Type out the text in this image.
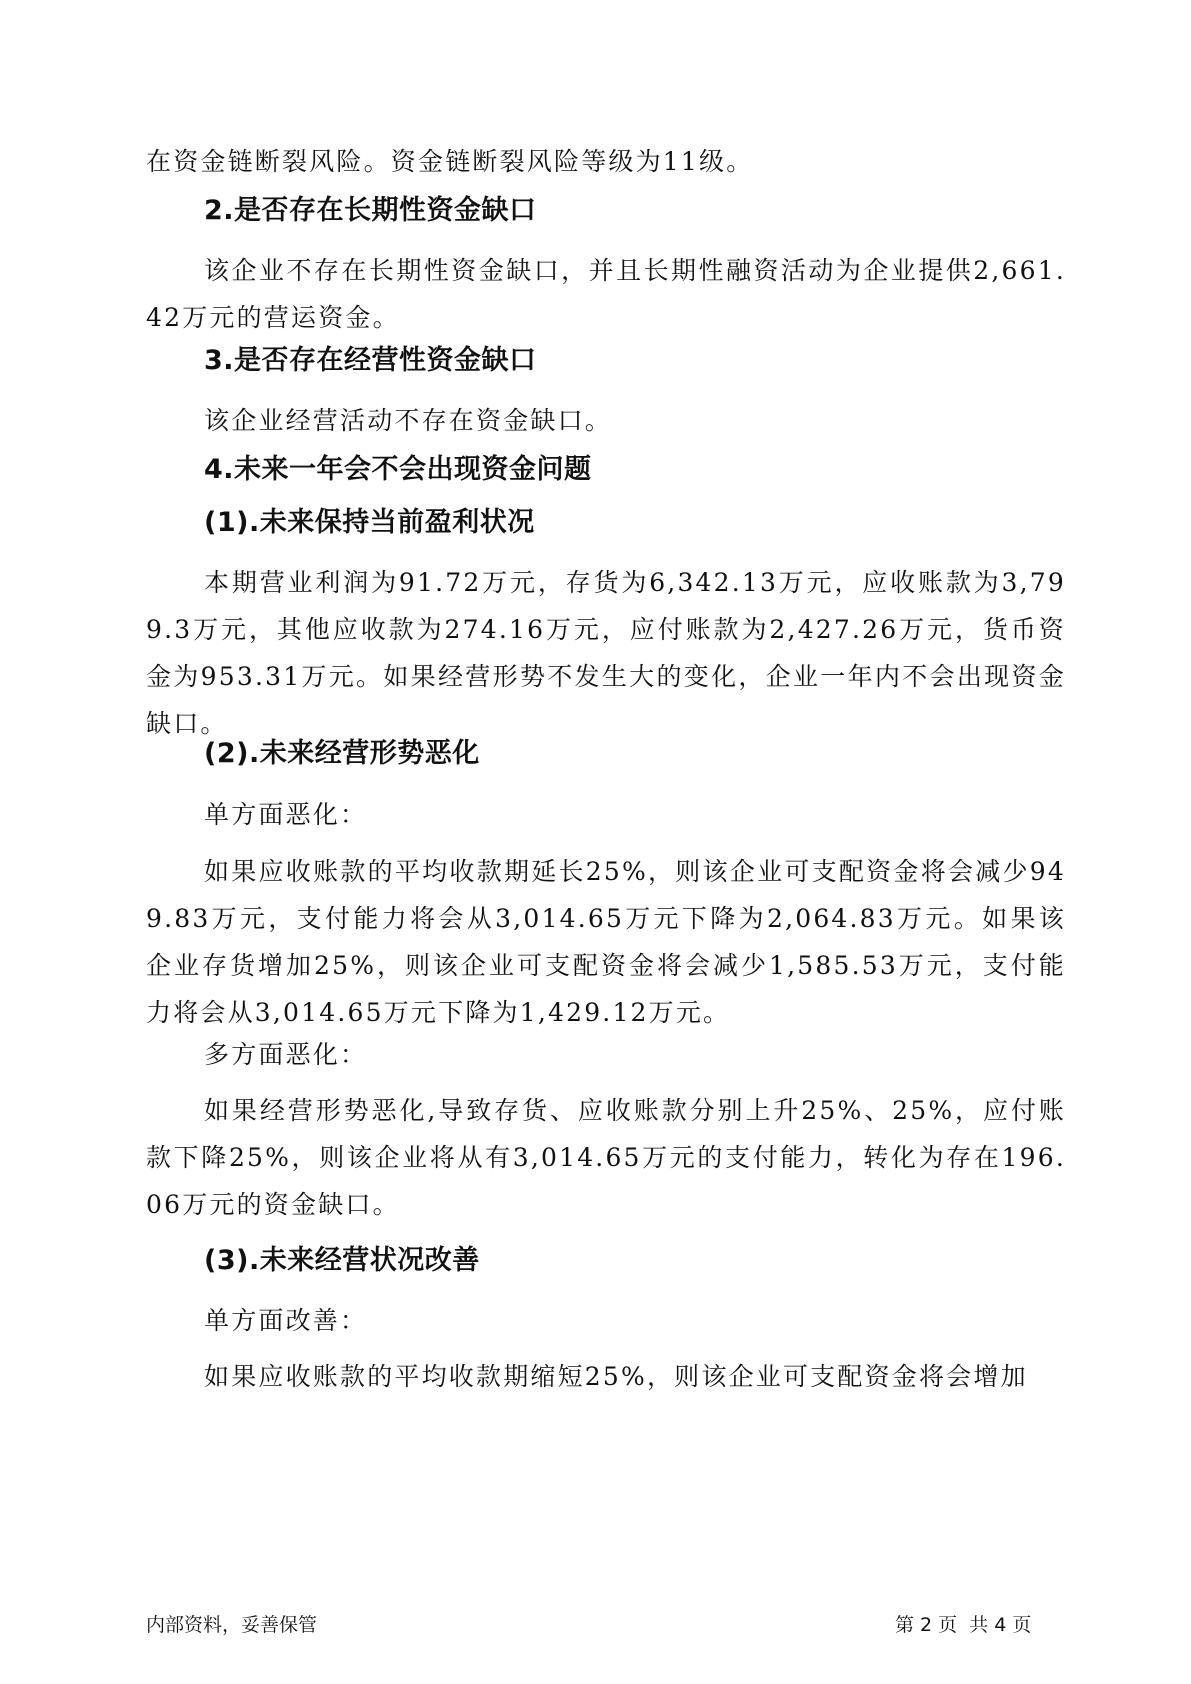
在资金链断裂风险。资金链断裂风险等级为11级。

2.是否存在长期性资金缺口

该企业不存在长期性资金缺口，并且长期性融资活动为企业提供2,661.42万元的营运资金。

3.是否存在经营性资金缺口

该企业经营活动不存在资金缺口。

4.未来一年会不会出现资金问题
(1).未来保持当前盈利状况

本期营业利润为91.72万元，存货为6,342.13万元，应收账款为3,799.3万元，其他应收款为274.16万元，应付账款为2,427.26万元，货币资金为953.31万元。如果经营形势不发生大的变化，企业一年内不会出现资金缺口。

(2).未来经营形势恶化

单方面恶化：

如果应收账款的平均收款期延长25%，则该企业可支配资金将会减少949.83万元，支付能力将会从3,014.65万元下降为2,064.83万元。如果该企业存货增加25%，则该企业可支配资金将会减少1,585.53万元，支付能力将会从3,014.65万元下降为1,429.12万元。

多方面恶化：

如果经营形势恶化,导致存货、应收账款分别上升25%、25%，应付账款下降25%，则该企业将从有3,014.65万元的支付能力，转化为存在196.06万元的资金缺口。

(3).未来经营状况改善

单方面改善：

如果应收账款的平均收款期缩短25%，则该企业可支配资金将会增加

内部资料，妥善保管	第 2 页  共 4 页
